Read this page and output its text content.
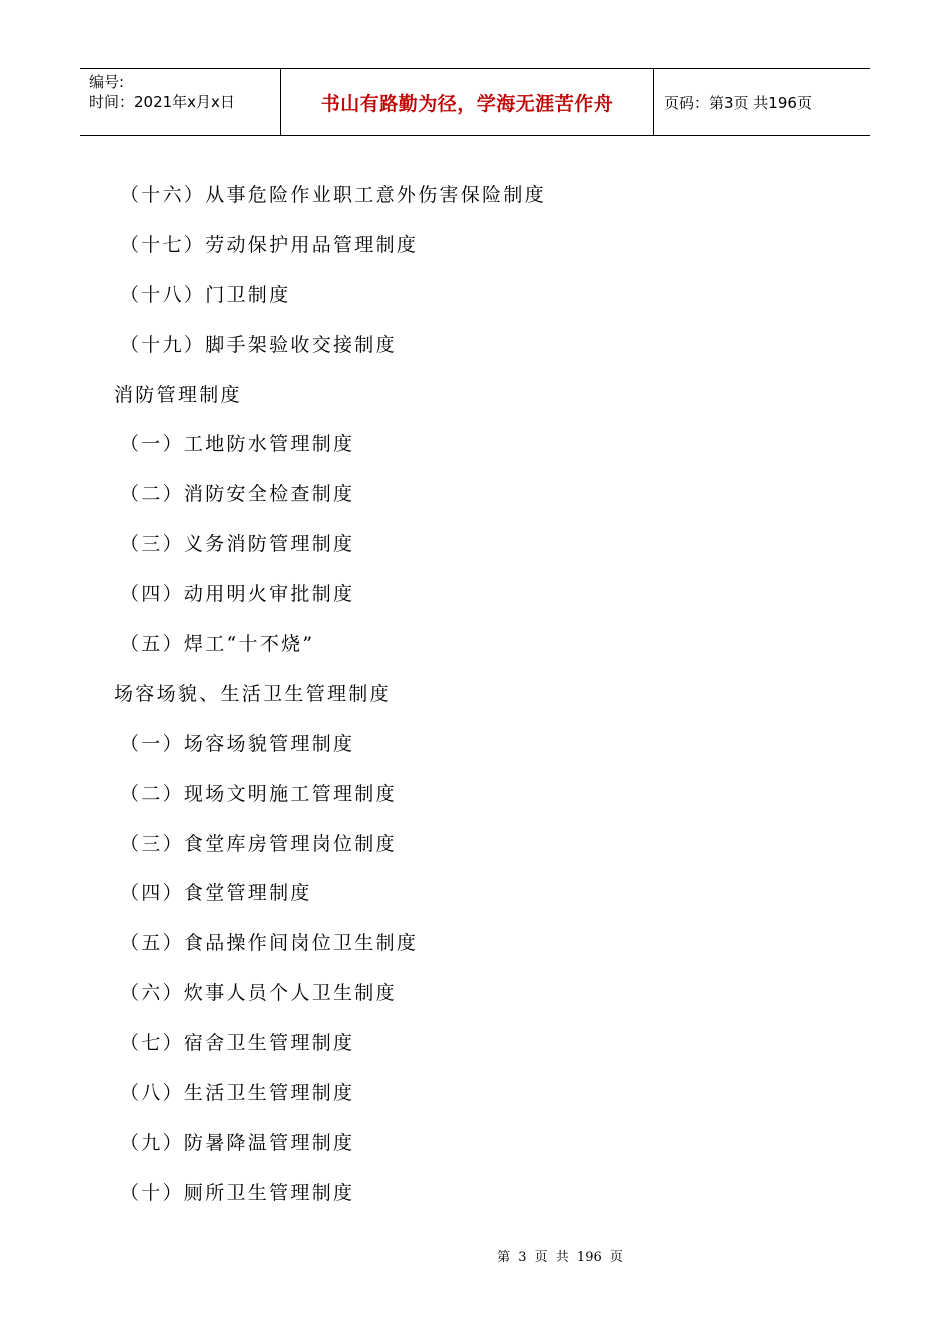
编号:
时间：2021年x月x日	书山有路勤为径，学海无涯苦作舟	页码：第3页 共196页
（十六）从事危险作业职工意外伤害保险制度
（十七）劳动保护用品管理制度
（十八）门卫制度
（十九）脚手架验收交接制度
消防管理制度
（一）工地防水管理制度
（二）消防安全检查制度
（三）义务消防管理制度
（四）动用明火审批制度
（五）焊工“十不烧”
场容场貌、生活卫生管理制度
（一）场容场貌管理制度
（二）现场文明施工管理制度
（三）食堂库房管理岗位制度
（四）食堂管理制度
（五）食品操作间岗位卫生制度
（六）炊事人员个人卫生制度
（七）宿舍卫生管理制度
（八）生活卫生管理制度
（九）防暑降温管理制度
（十）厕所卫生管理制度
第 3 页 共 196 页
